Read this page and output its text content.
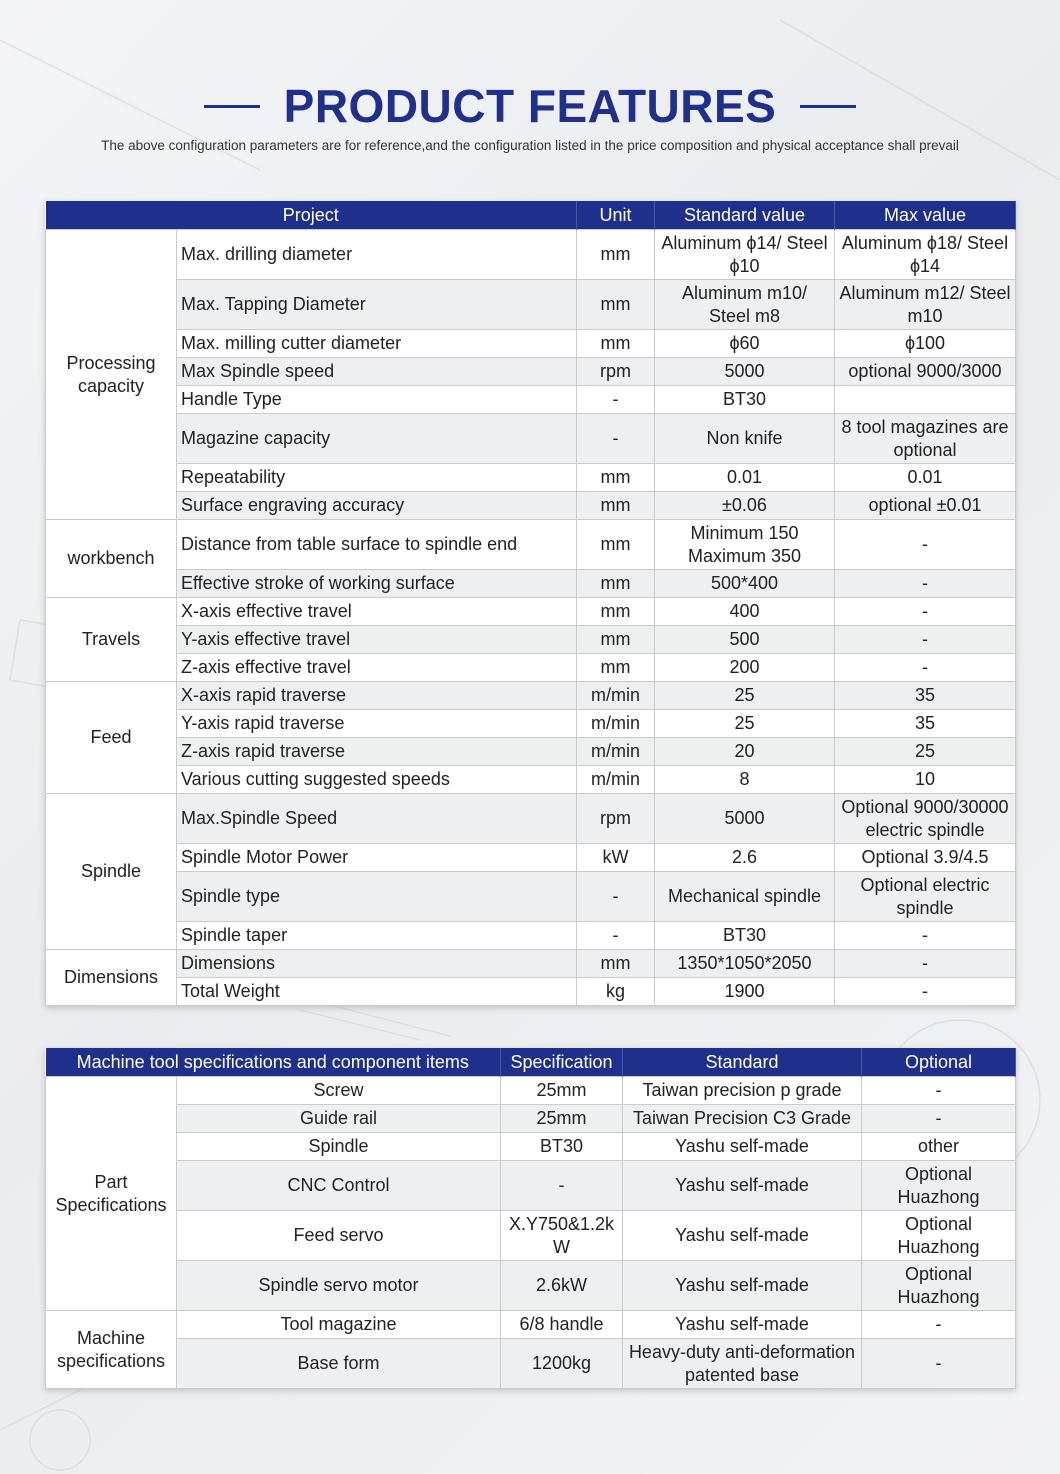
PRODUCT FEATURES
The above configuration parameters are for reference,and the configuration listed in the price composition and physical acceptance shall prevail
Project		Unit	Standard value	Max value
Processing capacity	Max. drilling diameter	mm	Aluminum ϕ14/ Steel ϕ10	Aluminum ϕ18/ Steel ϕ14
	Max. Tapping Diameter	mm	Aluminum m10/ Steel m8	Aluminum m12/ Steel m10
	Max. milling cutter diameter	mm	ϕ60	ϕ100
	Max Spindle speed	rpm	5000	optional 9000/3000
	Handle Type	-	BT30	
	Magazine capacity	-	Non knife	8 tool magazines are optional
	Repeatability	mm	0.01	0.01
	Surface engraving accuracy	mm	±0.06	optional ±0.01
workbench	Distance from table surface to spindle end	mm	Minimum 150 Maximum 350	-
	Effective stroke of working surface	mm	500*400	-
Travels	X-axis effective travel	mm	400	-
	Y-axis effective travel	mm	500	-
	Z-axis effective travel	mm	200	-
Feed	X-axis rapid traverse	m/min	25	35
	Y-axis rapid traverse	m/min	25	35
	Z-axis rapid traverse	m/min	20	25
	Various cutting suggested speeds	m/min	8	10
Spindle	Max.Spindle Speed	rpm	5000	Optional 9000/30000 electric spindle
	Spindle Motor Power	kW	2.6	Optional 3.9/4.5
	Spindle type	-	Mechanical spindle	Optional electric spindle
	Spindle taper	-	BT30	-
Dimensions	Dimensions	mm	1350*1050*2050	-
	Total Weight	kg	1900	-
Machine tool specifications and component items		Specification	Standard	Optional
Part Specifications	Screw	25mm	Taiwan precision p grade	-
	Guide rail	25mm	Taiwan Precision C3 Grade	-
	Spindle	BT30	Yashu self-made	other
	CNC Control	-	Yashu self-made	Optional Huazhong
	Feed servo	X.Y750&1.2k W	Yashu self-made	Optional Huazhong
	Spindle servo motor	2.6kW	Yashu self-made	Optional Huazhong
Machine specifications	Tool magazine	6/8 handle	Yashu self-made	-
	Base form	1200kg	Heavy-duty anti-deformation patented base	-
